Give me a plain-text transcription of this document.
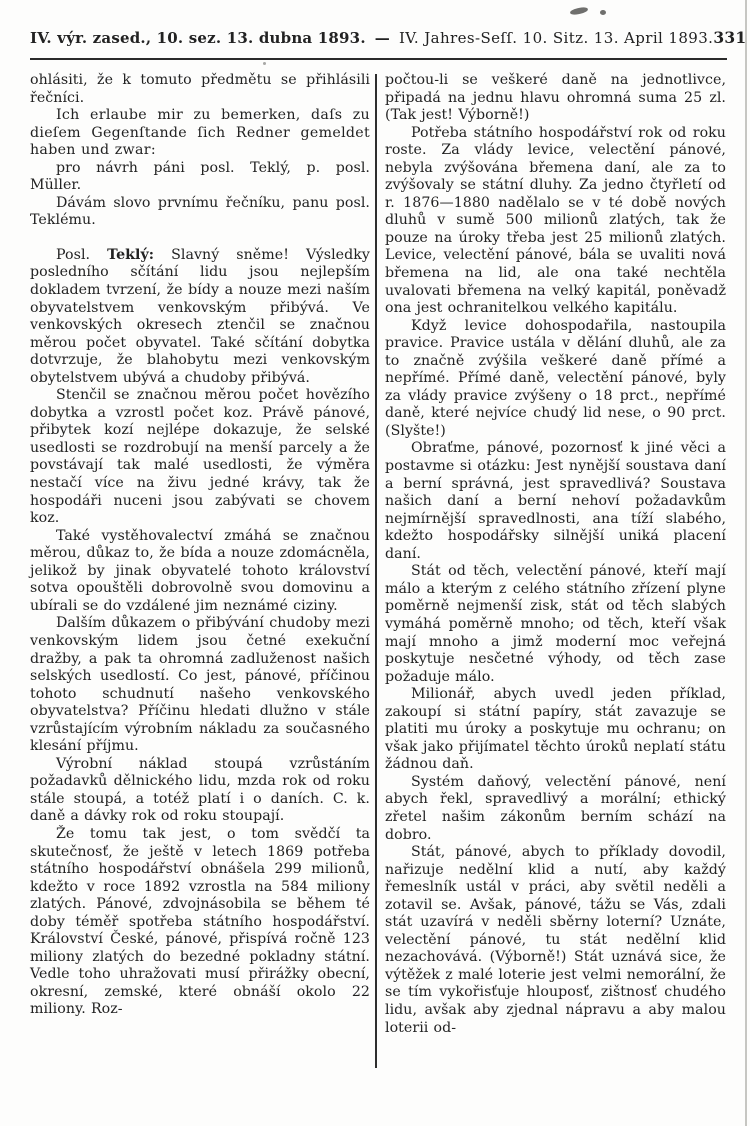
IV. výr. zased., 10. sez. 13. dubna 1893. — IV. Jahres-Seſſ. 10. Sitz. 13. April 1893. 331

ohlásiti, že k tomuto předmětu se přihlásili řečníci.

Ich erlaube mir zu bemerken, daſs zu dieſem Gegenſtande ſich Redner gemeldet haben und zwar:

pro návrh páni posl. Teklý, p. posl.
Müller.

Dávám slovo prvnímu řečníku, panu posl. Teklému.

Posl. Teklý: Slavný sněme! Výsledky posledního sčítání lidu jsou nejlepším dokladem tvrzení, že bídy a nouze mezi naším obyvatelstvem venkovským přibývá. Ve venkovských okresech ztenčil se značnou měrou počet obyvatel. Také sčítání dobytka dotvrzuje, že blahobytu mezi venkovským obytelstvem ubývá a chudoby přibývá.

Stenčil se značnou měrou počet hovězího dobytka a vzrostl počet koz. Právě pánové, přibytek kozí nejlépe dokazuje, že selské usedlosti se rozdrobují na menší parcely a že povstávají tak malé usedlosti, že výměra nestačí více na živu jedné krávy, tak že hospodáři nuceni jsou zabývati se chovem koz.

Také vystěhovalectví zmáhá se značnou měrou, důkaz to, že bída a nouze zdomácněla, jelikož by jinak obyvatelé tohoto království sotva opouštěli dobrovolně svou domovinu a ubírali se do vzdálené jim neznámé ciziny.

Dalším důkazem o přibývání chudoby mezi venkovským lidem jsou četné exekuční dražby, a pak ta ohromná zadluženost našich selských usedlostí. Co jest, pánové, příčinou tohoto schudnutí našeho venkovského obyvatelstva? Příčinu hledati dlužno v stále vzrůstajícím výrobním nákladu za současného klesání příjmu.

Výrobní náklad stoupá vzrůstáním požadavků dělnického lidu, mzda rok od roku stále stoupá, a totéž platí i o daních. C. k. daně a dávky rok od roku stoupají.

Že tomu tak jest, o tom svědčí ta skutečnosť, že ještě v letech 1869 potřeba státního hospodářství obnášela 299 milionů, kdežto v roce 1892 vzrostla na 584 miliony zlatých. Pánové, zdvojnásobila se během té doby téměř spotřeba státního hospodářství. Království České, pánové, přispívá ročně 123 miliony zlatých do bezedné pokladny státní. Vedle toho uhražovati musí přirážky obecní, okresní, zemské, které obnáší okolo 22 miliony. Roz-

počtou-li se veškeré daně na jednotlivce, připadá na jednu hlavu ohromná suma 25 zl. (Tak jest! Výborně!)

Potřeba státního hospodářství rok od roku roste. Za vlády levice, velectění pánové, nebyla zvýšována břemena daní, ale za to zvýšovaly se státní dluhy. Za jedno čtyřletí od r. 1876—1880 nadělalo se v té době nových dluhů v sumě 500 milionů zlatých, tak že pouze na úroky třeba jest 25 milionů zlatých. Levice, velectění pánové, bála se uvaliti nová břemena na lid, ale ona také nechtěla uvalovati břemena na velký kapitál, poněvadž ona jest ochranitelkou velkého kapitálu.

Když levice dohospodařila, nastoupila pravice. Pravice ustála v dělání dluhů, ale za to značně zvýšila veškeré daně přímé a nepřímé. Přímé daně, velectění pánové, byly za vlády pravice zvýšeny o 18 prct., nepřímé daně, které nejvíce chudý lid nese, o 90 prct. (Slyšte!)

Obraťme, pánové, pozornosť k jiné věci a postavme si otázku: Jest nynější soustava daní a berní správná, jest spravedlivá? Soustava našich daní a berní nehoví požadavkům nejmírnější spravedlnosti, ana tíží slabého, kdežto hospodářsky silnější uniká placení daní.

Stát od těch, velectění pánové, kteří mají málo a kterým z celého státního zřízení plyne poměrně nejmenší zisk, stát od těch slabých vymáhá poměrně mnoho; od těch, kteří však mají mnoho a jimž moderní moc veřejná poskytuje nesčetné výhody, od těch zase požaduje málo.

Milionář, abych uvedl jeden příklad, zakoupí si státní papíry, stát zavazuje se platiti mu úroky a poskytuje mu ochranu; on však jako přijímatel těchto úroků neplatí státu žádnou daň.

Systém daňový, velectění pánové, není abych řekl, spravedlivý a morální; ethický zřetel našim zákonům berním schází na dobro.

Stát, pánové, abych to příklady dovodil, nařizuje nedělní klid a nutí, aby každý řemeslník ustál v práci, aby světil neděli a zotavil se. Avšak, pánové, tážu se Vás, zdali stát uzavírá v neděli sběrny loterní? Uznáte, velectění pánové, tu stát nedělní klid nezachovává. (Výborně!) Stát uznává sice, že výtěžek z malé loterie jest velmi nemorální, že se tím vykořisťuje hlouposť, zištnosť chudého lidu, avšak aby zjednal nápravu a aby malou loterii od-
